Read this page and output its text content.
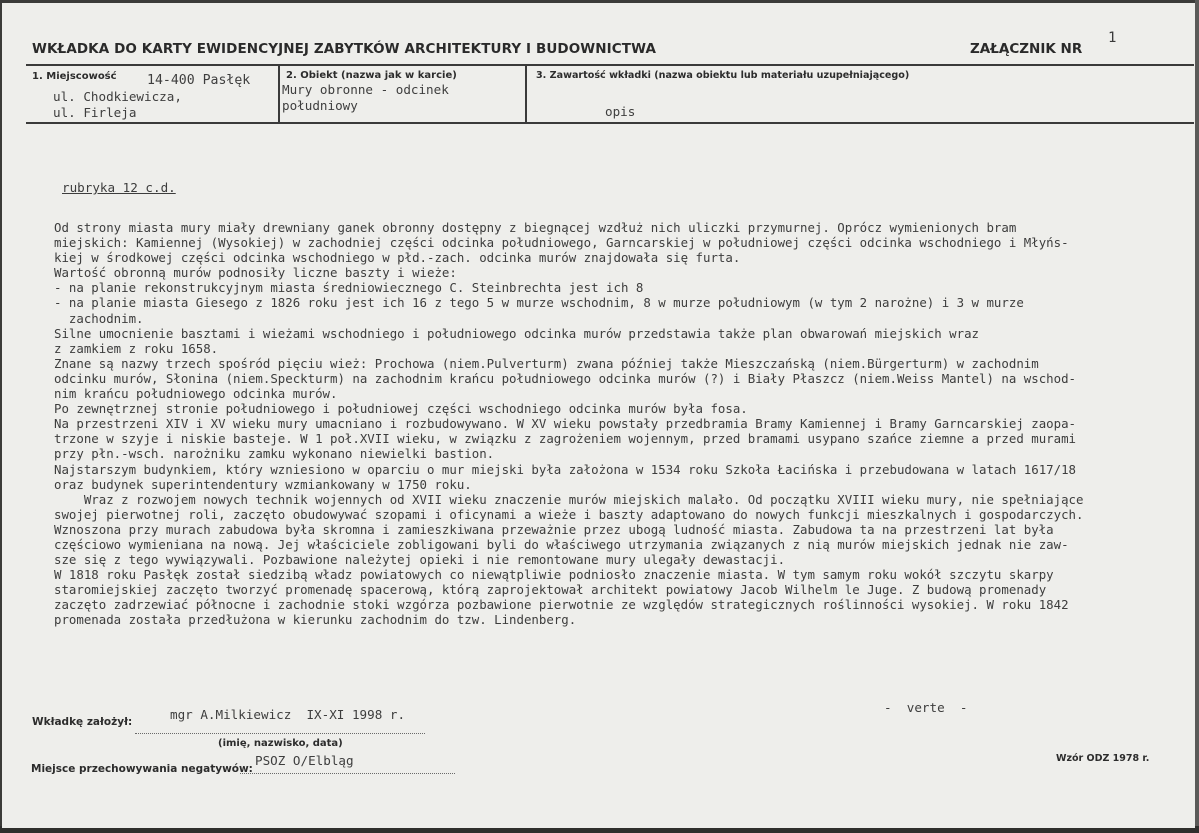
WKŁADKA DO KARTY EWIDENCYJNEJ ZABYTKÓW ARCHITEKTURY I BUDOWNICTWA	ZAŁĄCZNIK NR
1
1. Miejscowość 14-400 Pasłęk
ul. Chodkiewicza,
ul. Firleja
2. Obiekt (nazwa jak w karcie)
Mury obronne - odcinek
południowy
3. Zawartość wkładki (nazwa obiektu lub materiału uzupełniającego)
opis
rubryka 12 c.d.
Od strony miasta mury miały drewniany ganek obronny dostępny z biegnącej wzdłuż nich uliczki przymurnej. Oprócz wymienionych bram
miejskich: Kamiennej (Wysokiej) w zachodniej części odcinka południowego, Garncarskiej w południowej części odcinka wschodniego i Młyńs-
kiej w środkowej części odcinka wschodniego w płd.-zach. odcinka murów znajdowała się furta.
Wartość obronną murów podnosiły liczne baszty i wieże:
- na planie rekonstrukcyjnym miasta średniowiecznego C. Steinbrechta jest ich 8
- na planie miasta Giesego z 1826 roku jest ich 16 z tego 5 w murze wschodnim, 8 w murze południowym (w tym 2 narożne) i 3 w murze
zachodnim.
Silne umocnienie basztami i wieżami wschodniego i południowego odcinka murów przedstawia także plan obwarowań miejskich wraz
z zamkiem z roku 1658.
Znane są nazwy trzech spośród pięciu wież: Prochowa (niem.Pulverturm) zwana później także Mieszczańską (niem.Bürgerturm) w zachodnim
odcinku murów, Słonina (niem.Speckturm) na zachodnim krańcu południowego odcinka murów (?) i Biały Płaszcz (niem.Weiss Mantel) na wschod-
nim krańcu południowego odcinka murów.
Po zewnętrznej stronie południowego i południowej części wschodniego odcinka murów była fosa.
Na przestrzeni XIV i XV wieku mury umacniano i rozbudowywano. W XV wieku powstały przedbramia Bramy Kamiennej i Bramy Garncarskiej zaopa-
trzone w szyje i niskie basteje. W 1 poł.XVII wieku, w związku z zagrożeniem wojennym, przed bramami usypano szańce ziemne a przed murami
przy płn.-wsch. narożniku zamku wykonano niewielki bastion.
Najstarszym budynkiem, który wzniesiono w oparciu o mur miejski była założona w 1534 roku Szkoła Łacińska i przebudowana w latach 1617/18
oraz budynek superintendentury wzmiankowany w 1750 roku.
Wraz z rozwojem nowych technik wojennych od XVII wieku znaczenie murów miejskich malało. Od początku XVIII wieku mury, nie spełniające
swojej pierwotnej roli, zaczęto obudowywać szopami i oficynami a wieże i baszty adaptowano do nowych funkcji mieszkalnych i gospodarczych.
Wznoszona przy murach zabudowa była skromna i zamieszkiwana przeważnie przez ubogą ludność miasta. Zabudowa ta na przestrzeni lat była
częściowo wymieniana na nową. Jej właściciele zobligowani byli do właściwego utrzymania związanych z nią murów miejskich jednak nie zaw-
sze się z tego wywiązywali. Pozbawione należytej opieki i nie remontowane mury ulegały dewastacji.
W 1818 roku Pasłęk został siedzibą władz powiatowych co niewątpliwie podniosło znaczenie miasta. W tym samym roku wokół szczytu skarpy
staromiejskiej zaczęto tworzyć promenadę spacerową, którą zaprojektował architekt powiatowy Jacob Wilhelm le Juge. Z budową promenady
zaczęto zadrzewiać północne i zachodnie stoki wzgórza pozbawione pierwotnie ze względów strategicznych roślinności wysokiej. W roku 1842
promenada została przedłużona w kierunku zachodnim do tzw. Lindenberg.
-  verte  -
Wkładkę założył:	mgr A.Milkiewicz  IX-XI 1998 r.
(imię, nazwisko, data)
Miejsce przechowywania negatywów:
PSOZ O/Elbląg	Wzór ODZ 1978 r.
